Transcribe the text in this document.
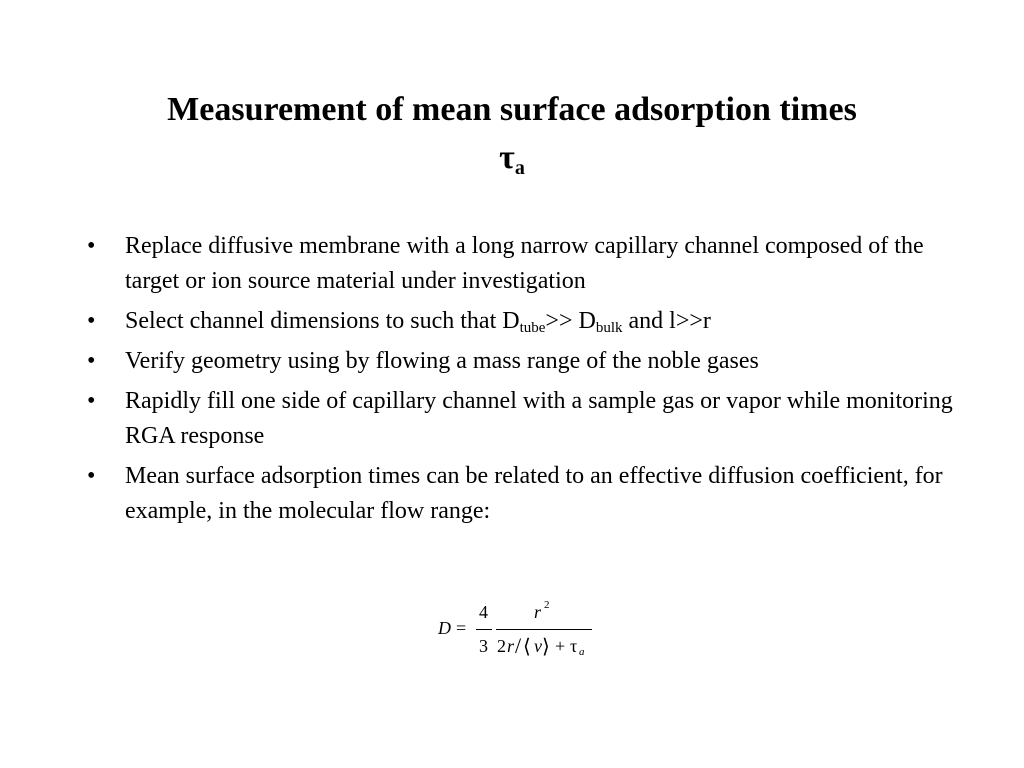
Measurement of mean surface adsorption times
$\tau_a$
• Replace diffusive membrane with a long narrow capillary channel composed of the target or ion source material under investigation
• Select channel dimensions to such that $D_{tube}>> D_{bulk}$ and l>>r
• Verify geometry using by flowing a mass range of the noble gases
• Rapidly fill one side of capillary channel with a sample gas or vapor while monitoring RGA response
• Mean surface adsorption times can be related to an effective diffusion coefficient, for example, in the molecular flow range:
D =
4
3
r 2
2 r / ⟨ v ⟩ + τ a
